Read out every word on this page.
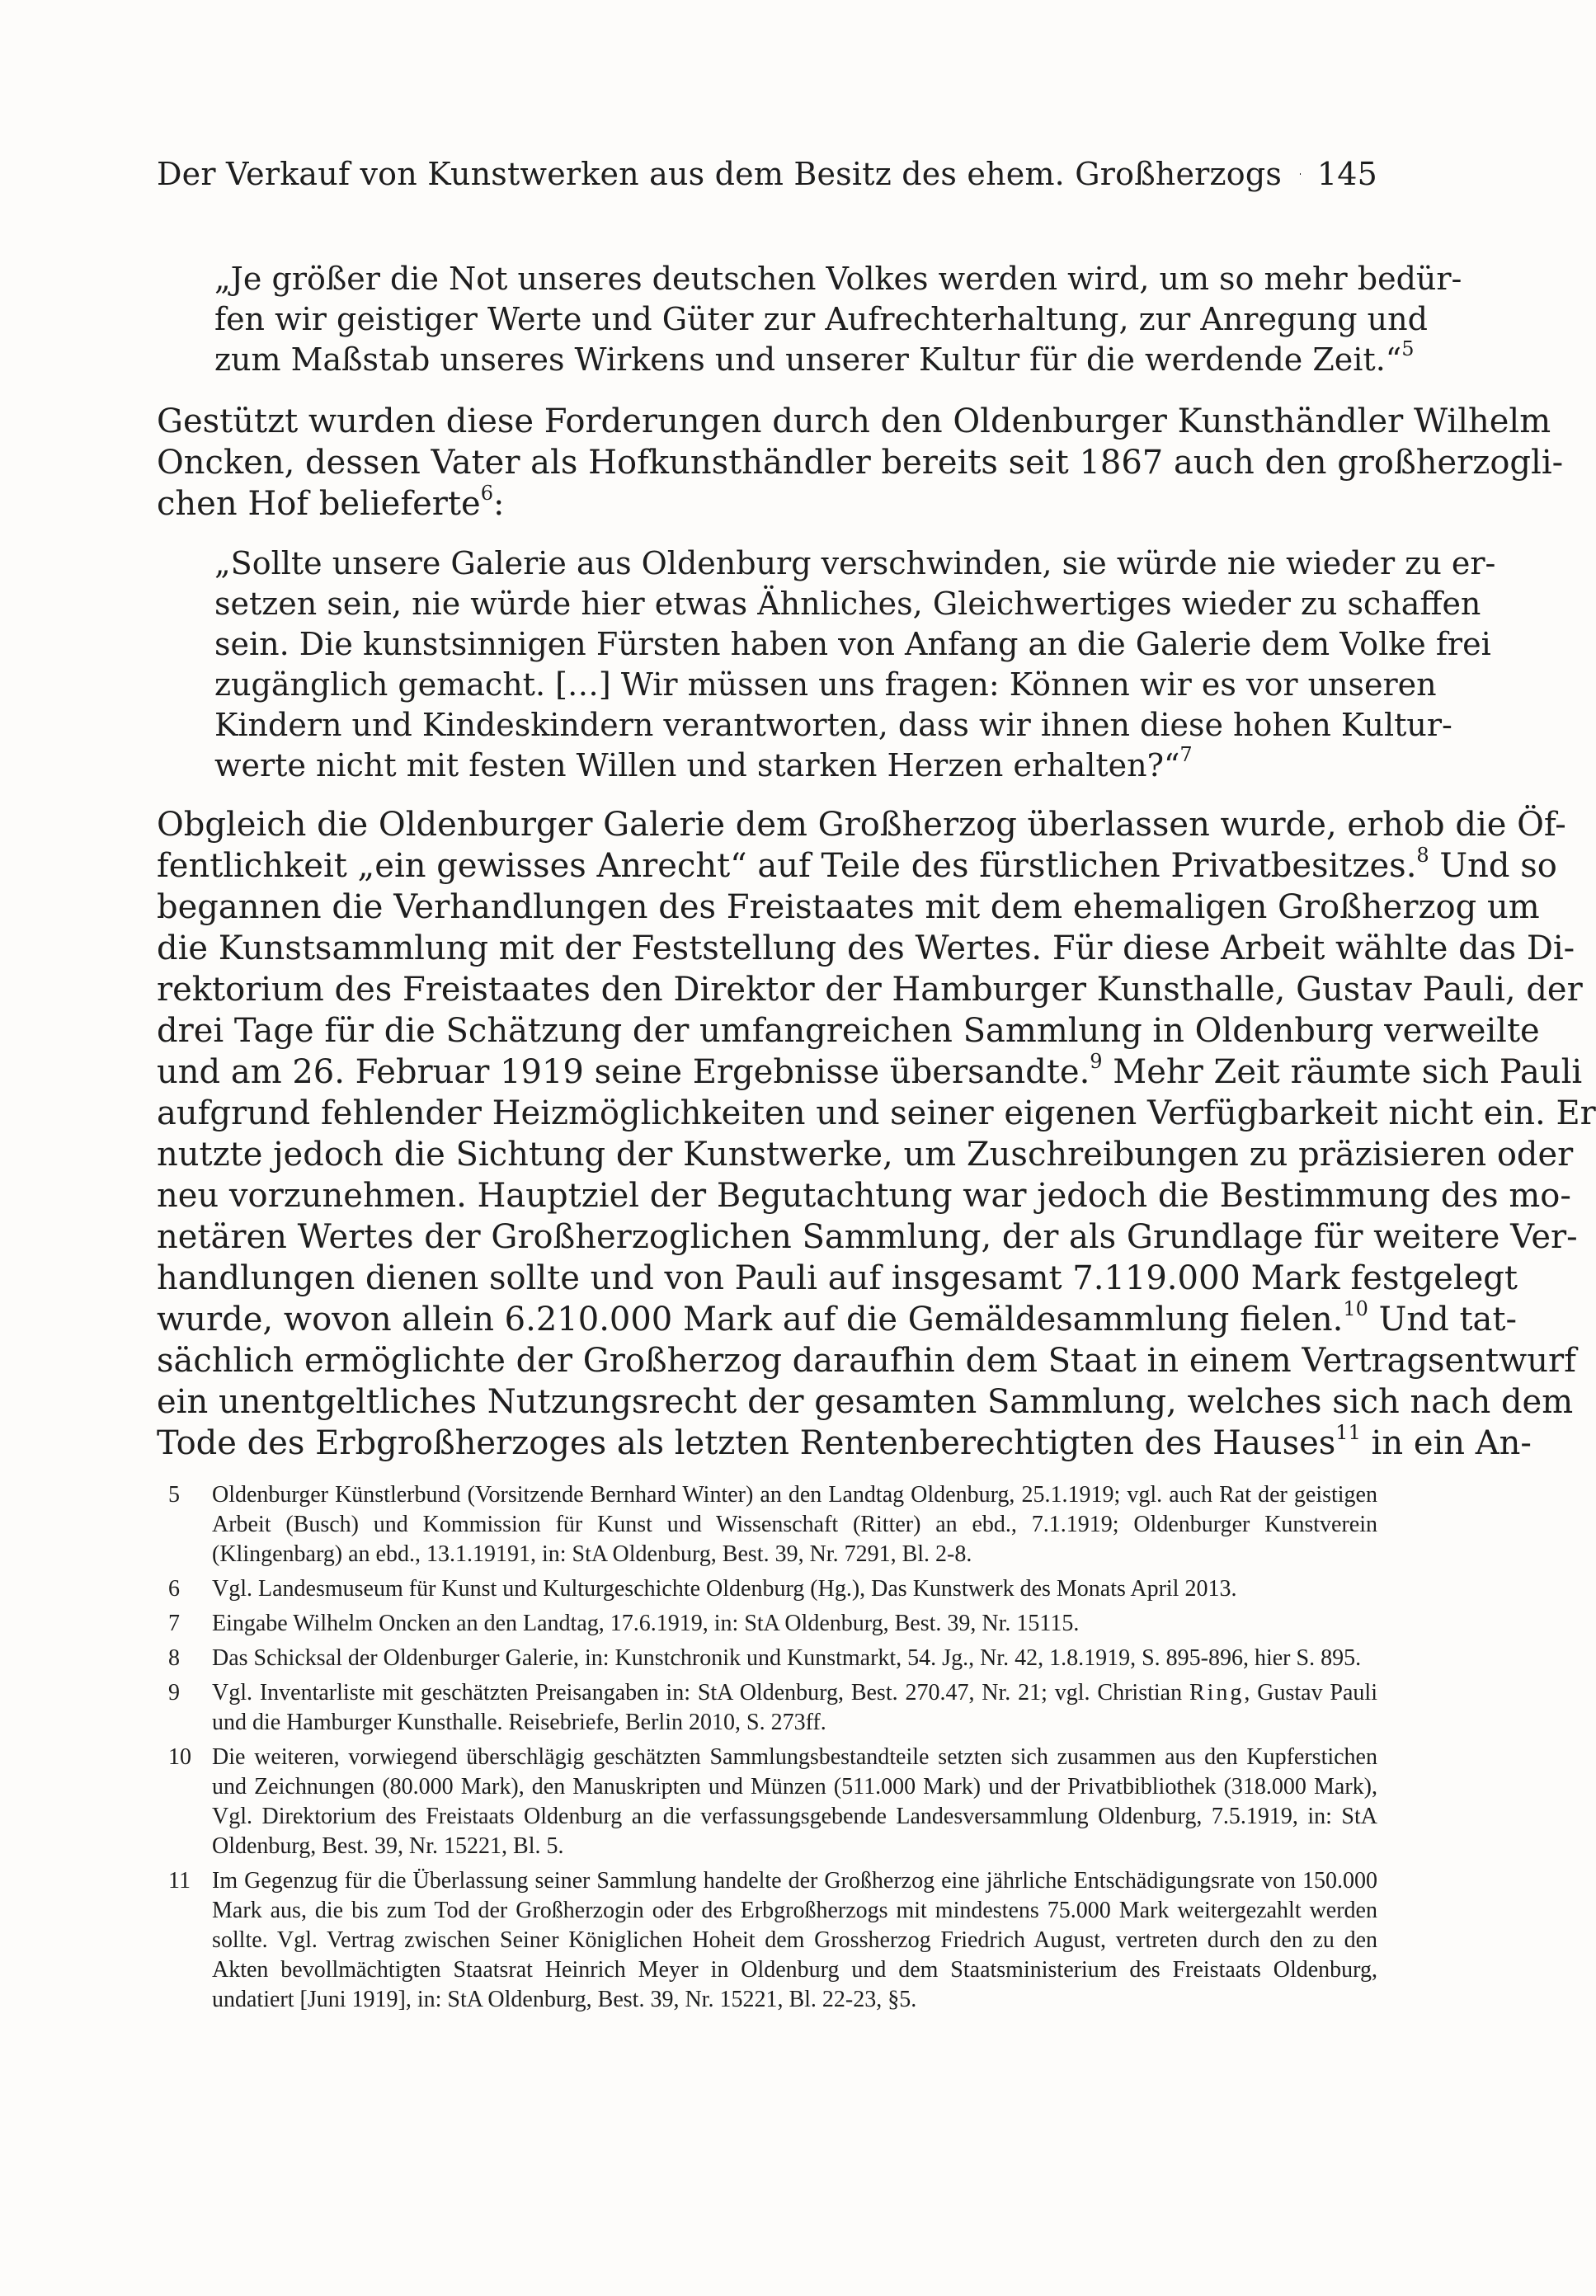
Der Verkauf von Kunstwerken aus dem Besitz des ehem. Großherzogs 145
„Je größer die Not unseres deutschen Volkes werden wird, um so mehr bedür-
fen wir geistiger Werte und Güter zur Aufrechterhaltung, zur Anregung und
zum Maßstab unseres Wirkens und unserer Kultur für die werdende Zeit.“$^5$
Gestützt wurden diese Forderungen durch den Oldenburger Kunsthändler Wilhelm
Oncken, dessen Vater als Hofkunsthändler bereits seit 1867 auch den großherzogli-
chen Hof belieferte$^6$:
„Sollte unsere Galerie aus Oldenburg verschwinden, sie würde nie wieder zu er-
setzen sein, nie würde hier etwas Ähnliches, Gleichwertiges wieder zu schaffen
sein. Die kunstsinnigen Fürsten haben von Anfang an die Galerie dem Volke frei
zugänglich gemacht. […] Wir müssen uns fragen: Können wir es vor unseren
Kindern und Kindeskindern verantworten, dass wir ihnen diese hohen Kultur-
werte nicht mit festen Willen und starken Herzen erhalten?“$^7$
Obgleich die Oldenburger Galerie dem Großherzog überlassen wurde, erhob die Öf-
fentlichkeit „ein gewisses Anrecht“ auf Teile des fürstlichen Privatbesitzes.$^8$ Und so
begannen die Verhandlungen des Freistaates mit dem ehemaligen Großherzog um
die Kunstsammlung mit der Feststellung des Wertes. Für diese Arbeit wählte das Di-
rektorium des Freistaates den Direktor der Hamburger Kunsthalle, Gustav Pauli, der
drei Tage für die Schätzung der umfangreichen Sammlung in Oldenburg verweilte
und am 26. Februar 1919 seine Ergebnisse übersandte.$^9$ Mehr Zeit räumte sich Pauli
aufgrund fehlender Heizmöglichkeiten und seiner eigenen Verfügbarkeit nicht ein. Er
nutzte jedoch die Sichtung der Kunstwerke, um Zuschreibungen zu präzisieren oder
neu vorzunehmen. Hauptziel der Begutachtung war jedoch die Bestimmung des mo-
netären Wertes der Großherzoglichen Sammlung, der als Grundlage für weitere Ver-
handlungen dienen sollte und von Pauli auf insgesamt 7.119.000 Mark festgelegt
wurde, wovon allein 6.210.000 Mark auf die Gemäldesammlung fielen.$^{10}$ Und tat-
sächlich ermöglichte der Großherzog daraufhin dem Staat in einem Vertragsentwurf
ein unentgeltliches Nutzungsrecht der gesamten Sammlung, welches sich nach dem
Tode des Erbgroßherzoges als letzten Rentenberechtigten des Hauses$^{11}$ in ein An-
5	Oldenburger Künstlerbund (Vorsitzende Bernhard Winter) an den Landtag Oldenburg, 25.1.1919; vgl. auch Rat der geistigen Arbeit (Busch) und Kommission für Kunst und Wissenschaft (Ritter) an ebd., 7.1.1919; Oldenburger Kunstverein (Klingenbarg) an ebd., 13.1.19191, in: StA Oldenburg, Best. 39, Nr. 7291, Bl. 2-8.
6	Vgl. Landesmuseum für Kunst und Kulturgeschichte Oldenburg (Hg.), Das Kunstwerk des Monats April 2013.
7	Eingabe Wilhelm Oncken an den Landtag, 17.6.1919, in: StA Oldenburg, Best. 39, Nr. 15115.
8	Das Schicksal der Oldenburger Galerie, in: Kunstchronik und Kunstmarkt, 54. Jg., Nr. 42, 1.8.1919, S. 895-896, hier S. 895.
9	Vgl. Inventarliste mit geschätzten Preisangaben in: StA Oldenburg, Best. 270.47, Nr. 21; vgl. Christian Ring, Gustav Pauli und die Hamburger Kunsthalle. Reisebriefe, Berlin 2010, S. 273ff.
10 Die weiteren, vorwiegend überschlägig geschätzten Sammlungsbestandteile setzten sich zusammen aus den Kupferstichen und Zeichnungen (80.000 Mark), den Manuskripten und Münzen (511.000 Mark) und der Privatbibliothek (318.000 Mark), Vgl. Direktorium des Freistaats Oldenburg an die verfassungsgebende Landesversammlung Oldenburg, 7.5.1919, in: StA Oldenburg, Best. 39, Nr. 15221, Bl. 5.
11 Im Gegenzug für die Überlassung seiner Sammlung handelte der Großherzog eine jährliche Entschädigungsrate von 150.000 Mark aus, die bis zum Tod der Großherzogin oder des Erbgroßherzogs mit mindestens 75.000 Mark weitergezahlt werden sollte. Vgl. Vertrag zwischen Seiner Königlichen Hoheit dem Grossherzog Friedrich August, vertreten durch den zu den Akten bevollmächtigten Staatsrat Heinrich Meyer in Oldenburg und dem Staatsministerium des Freistaats Oldenburg, undatiert [Juni 1919], in: StA Oldenburg, Best. 39, Nr. 15221, Bl. 22-23, §5.
